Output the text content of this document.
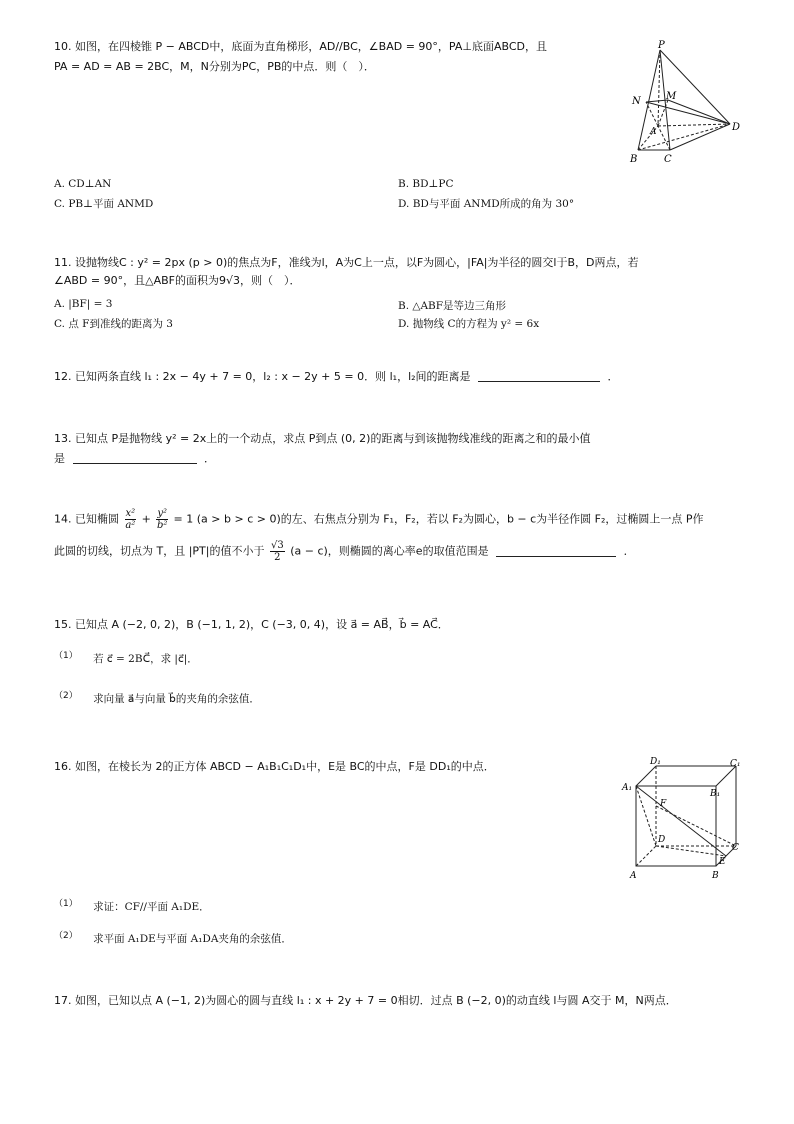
10. 如图，在四棱锥 P − ABCD中，底面为直角梯形，AD//BC，∠BAD = 90°，PA⊥底面ABCD，且
PA = AD = AB = 2BC，M，N分别为PC，PB的中点．则（　）．
P
N	M
A	D
B	C
A. CD⊥AN	B. BD⊥PC
C. PB⊥平面 ANMD	D. BD与平面 ANMD所成的角为 30°
11. 设抛物线C : y² = 2px (p > 0)的焦点为F，准线为l，A为C上一点，以F为圆心，|FA|为半径的圆交l于B，D两点，若
∠ABD = 90°，且△ABF的面积为9√3，则（　）．
A. |BF| = 3	B. △ABF是等边三角形
C. 点 F到准线的距离为 3	D. 抛物线 C的方程为 y² = 6x
12. 已知两条直线 l₁ : 2x − 4y + 7 = 0，l₂ : x − 2y + 5 = 0．则 l₁，l₂间的距离是	．
13. 已知点 P是抛物线 y² = 2x上的一个动点，求点 P到点 (0, 2)的距离与到该抛物线准线的距离之和的最小值
是	．
14. 已知椭圆 $\frac{\text{x²}}{\text{a²}} + \frac{\text{y²}}{\text{b²}} = 1$ (a > b > c > 0)的左、右焦点分别为 F₁，F₂，若以 F₂为圆心，b − c为半径作圆 F₂，过椭圆上一点 P作
此圆的切线，切点为 T，且 |PT|的值不小于 $\frac{√3}{2} (a - c)$，则椭圆的离心率e的取值范围是	．
15. 已知点 A (−2, 0, 2)，B (−1, 1, 2)，C (−3, 0, 4)，设 a⃗ = AB⃗，b⃗ = AC⃗．
（1） 若 c⃗ = 2BC⃗，求 |c⃗|．
（2） 求向量 a⃗与向量 b⃗的夹角的余弦值．
16. 如图，在棱长为 2的正方体 ABCD − A₁B₁C₁D₁中，E是 BC的中点，F是 DD₁的中点．	D₁	C₁
A₁
B₁
F
D
C
E
A	B
（1） 求证：CF//平面 A₁DE．
（2） 求平面 A₁DE与平面 A₁DA夹角的余弦值．
17. 如图，已知以点 A (−1, 2)为圆心的圆与直线 l₁ : x + 2y + 7 = 0相切．过点 B (−2, 0)的动直线 l与圆 A交于 M，N两点．
